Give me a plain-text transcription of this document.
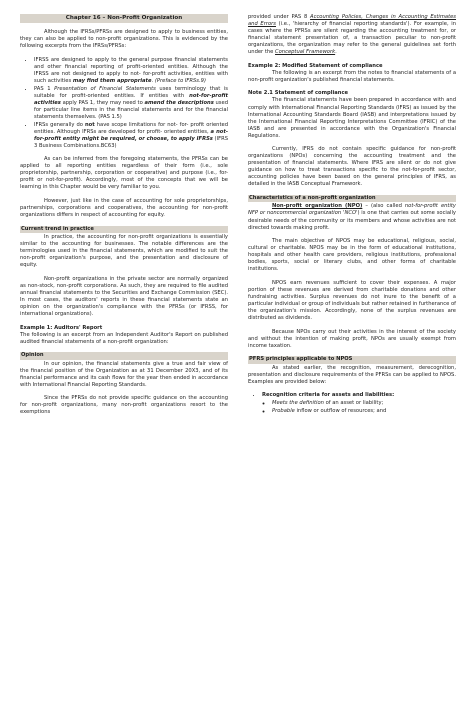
Chapter 16 – Non-Profit Organization

Although the IFRSs/PFRSs are designed to apply to business entities, they can also be applied to non-profit organizations. This is evidenced by the following excerpts from the IFRSs/PFRSs:

• IFRSS are designed to apply to the general purpose financial statements and other financial reporting of profit-oriented entities. Although the IFRSS are not designed to apply to not- for-profit activities, entities with such activities may find them appropriate. (Preface to IFRSs.9)
• PAS 1 Presentation of Financial Statements uses terminology that is suitable for profit-oriented entities. If entities with not-for-profit activities apply PAS 1, they may need to amend the descriptions used for particular line items in the financial statements and for the financial statements themselves. (PAS 1.5)
• IFRSs generally do not have scope limitations for not- for- profit oriented entities. Although IFRSs are developed for profit- oriented entities, a not-for-profit entity might be required, or choose, to apply IFRSs (IFRS 3 Business Combinations.BC63)

As can be inferred from the foregoing statements, the PFRSs can be applied to all reporting entities regardless of their form (i.e., sole proprietorship, partnership, corporation or cooperative) and purpose (i.e., for-profit or not-for-profit). Accordingly, most of the concepts that we will be learning in this Chapter would be very familiar to you.

However, just like in the case of accounting for sole proprietorships, partnerships, corporations and cooperatives, the accounting for non-profit organizations differs in respect of accounting for equity.

Current trend in practice

In practice, the accounting for non-profit organizations is essentially similar to the accounting for businesses. The notable differences are the terminologies used in the financial statements, which are modified to suit the non-profit organization's purpose, and the presentation and disclosure of equity.

Non-profit organizations in the private sector are normally organized as non-stock, non-profit corporations. As such, they are required to file audited annual financial statements to the Securities and Exchange Commission (SEC). In most cases, the auditors' reports in these financial statements state an opinion on the organization's compliance with the PFRSs (or IFRSS, for international organizations).

Example 1: Auditors' Report

The following is an excerpt from an Independent Auditor's Report on published audited financial statements of a non-profit organization:

Opinion

In our opinion, the financial statements give a true and fair view of the financial position of the Organization as at 31 December 20X3, and of its financial performance and its cash flows for the year then ended in accordance with International Financial Reporting Standards.

Since the PFRSs do not provide specific guidance on the accounting for non-profit organizations, many non-profit organizations resort to the exemptions

provided under PAS 8 Accounting Policies, Changes in Accounting Estimates and Errors (i.e., 'hierarchy of financial reporting standards'). For example, in cases where the PFRSs are silent regarding the accounting treatment for, or financial statement presentation of, a transaction peculiar to non-profit organizations, the organization may refer to the general guidelines set forth under the Conceptual Framework.

Example 2: Modified Statement of compliance

The following is an excerpt from the notes to financial statements of a non-profit organization's published financial statements.

Note 2.1 Statement of compliance

The financial statements have been prepared in accordance with and comply with International Financial Reporting Standards (IFRS) as issued by the International Accounting Standards Board (IASB) and interpretations issued by the International Financial Reporting Interpretations Committee (IFRIC) of the IASB and are presented in accordance with the Organization's Financial Regulations.

Currently, IFRS do not contain specific guidance for non-profit organizations (NPOs) concerning the accounting treatment and the presentation of financial statements. Where IFRS are silent or do not give guidance on how to treat transactions specific to the not-for-profit sector, accounting policies have been based on the general principles of IFRS, as detailed in the IASB Conceptual Framework.

Characteristics of a non-profit organization

Non-profit organization (NPO) – (also called not-for-profit entity NFP or noncommercial organization 'NCO') is one that carries out some socially desirable needs of the community or its members and whose activities are not directed towards making profit.

The main objective of NPOS may be educational, religious, social, cultural or charitable. NPOS may be in the form of educational institutions, hospitals and other health care providers, religious institutions, professional bodies, sports, social or literary clubs, and other forms of charitable institutions.

NPOS earn revenues sufficient to cover their expenses. A major portion of these revenues are derived from charitable donations and other fundraising activities. Surplus revenues do not inure to the benefit of a particular individual or group of individuals but rather retained in furtherance of the organization's mission. Accordingly, none of the surplus revenues are distributed as dividends.

Because NPOs carry out their activities in the interest of the society and without the intention of making profit, NPOs are usually exempt from income taxation.

PFRS principles applicable to NPOS

As stated earlier, the recognition, measurement, derecognition, presentation and disclosure requirements of the PFRSs can be applied to NPOS. Examples are provided below:

• Recognition criteria for assets and liabilities:
◦ Meets the definition of an asset or liability;
◦ Probable inflow or outflow of resources; and
